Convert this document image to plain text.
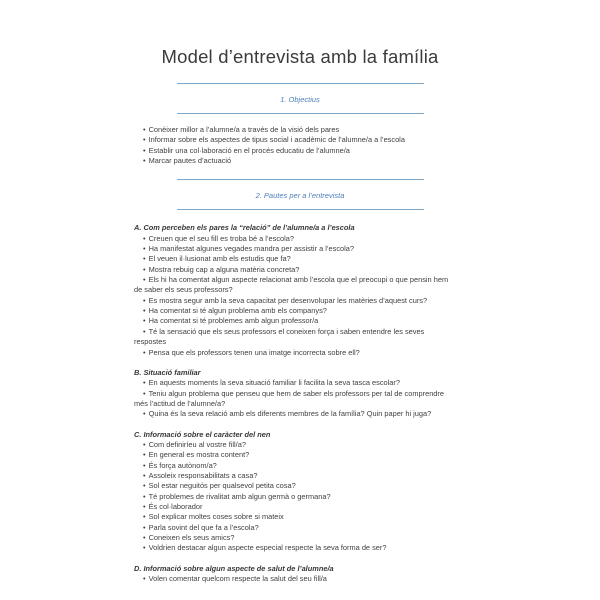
Model d’entrevista amb la família
1. Objectius
• Conèixer millor a l’alumne/a a través de la visió dels pares
• Informar sobre els aspectes de tipus social i acadèmic de l’alumne/a a l’escola
• Establir una col·laboració en el procés educatiu de l’alumne/a
• Marcar pautes d’actuació
2. Pautes per a l’entrevista
A. Com perceben els pares la “relació” de l’alumne/a a l’escola
• Creuen que el seu fill es troba bé a l’escola?
• Ha manifestat algunes vegades mandra per assistir a l’escola?
• El veuen il·lusionat amb els estudis que fa?
• Mostra rebuig cap a alguna matèria concreta?
• Els hi ha comentat algun aspecte relacionat amb l’escola que el preocupi o que pensin hem de saber els seus professors?
• Es mostra segur amb la seva capacitat per desenvolupar les matèries d’aquest curs?
• Ha comentat si té algun problema amb els companys?
• Ha comentat si té problemes amb algun professor/a
• Té la sensació que els seus professors el coneixen força i saben entendre les seves respostes
• Pensa que els professors tenen una imatge incorrecta sobre ell?
B. Situació familiar
• En aquests moments la seva situació familiar li facilita la seva tasca escolar?
• Teniu algun problema que penseu que hem de saber els professors per tal de comprendre més l’actitud de l’alumne/a?
• Quina és la seva relació amb els diferents membres de la família? Quin paper hi juga?
C. Informació sobre el caràcter del nen
• Com definiríeu al vostre fill/a?
• En general es mostra content?
• És força autònom/a?
• Assoleix responsabilitats a casa?
• Sol estar neguitós per qualsevol petita cosa?
• Té problemes de rivalitat amb algun germà o germana?
• És col·laborador
• Sol explicar moltes coses sobre si mateix
• Parla sovint del que fa a l’escola?
• Coneixen els seus amics?
• Voldrien destacar algun aspecte especial respecte la seva forma de ser?
D. Informació sobre algun aspecte de salut de l’alumne/a
• Volen comentar quelcom respecte la salut del seu fill/a
